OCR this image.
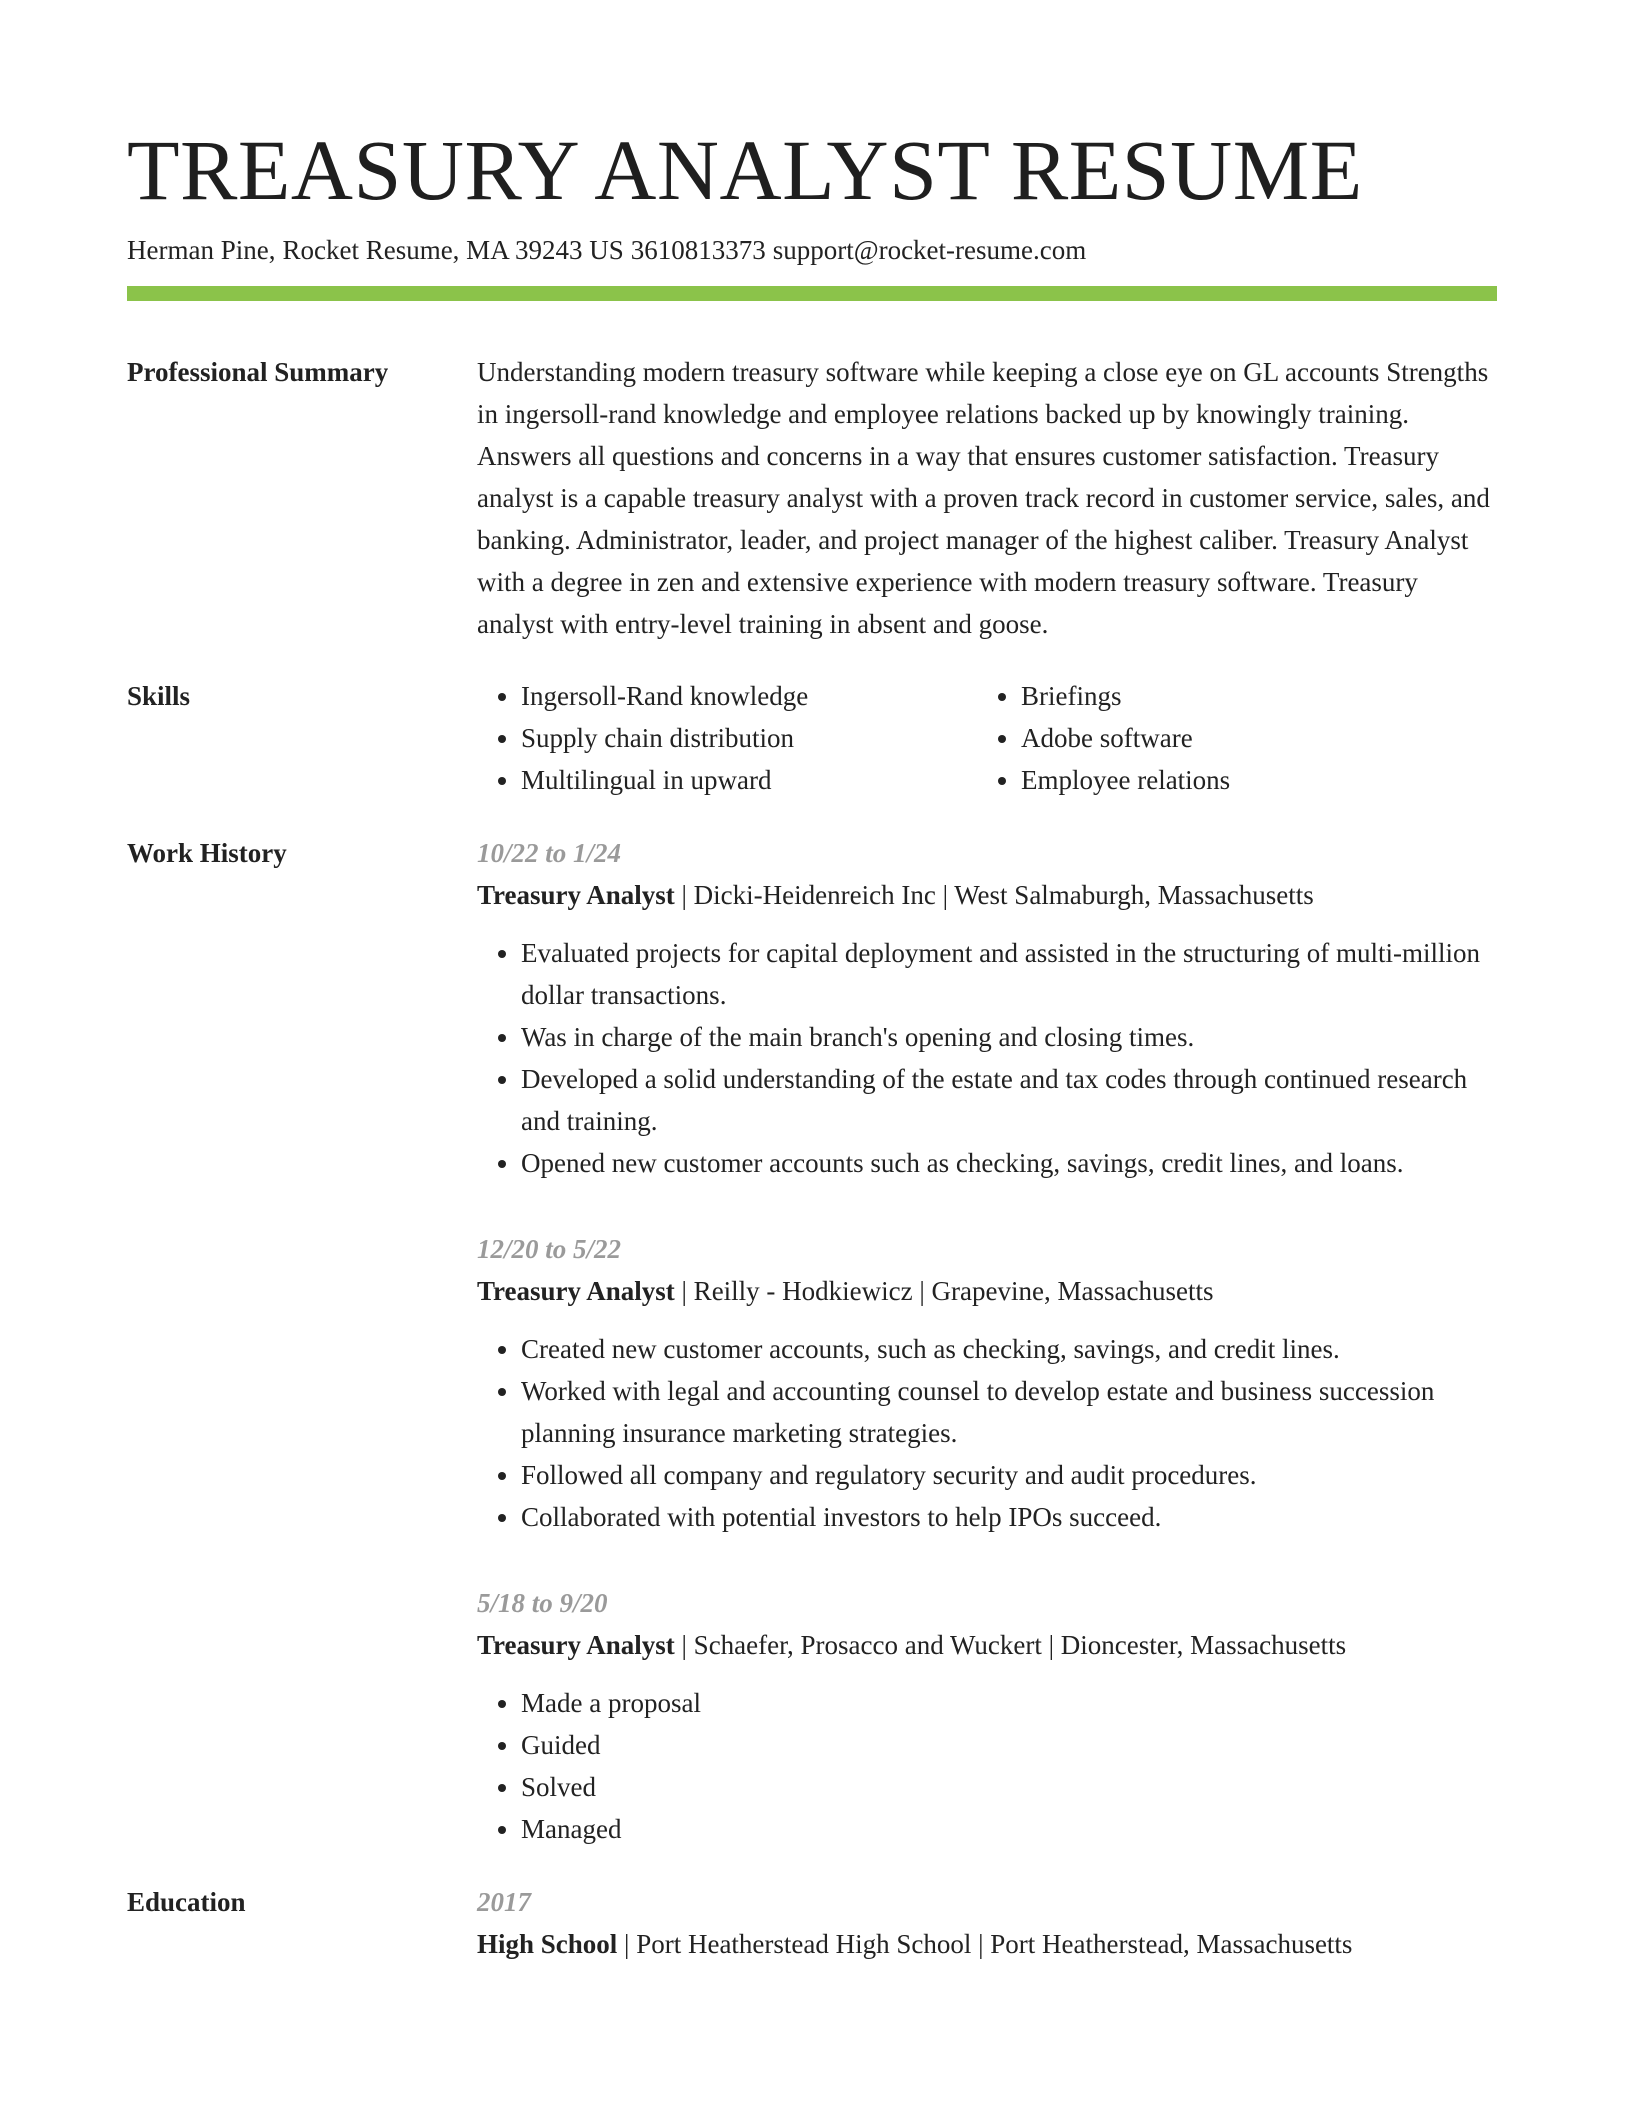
TREASURY ANALYST RESUME
Herman Pine, Rocket Resume, MA 39243 US 3610813373 support@rocket-resume.com
Professional Summary	Understanding modern treasury software while keeping a close eye on GL accounts Strengths in ingersoll-rand knowledge and employee relations backed up by knowingly training. Answers all questions and concerns in a way that ensures customer satisfaction. Treasury analyst is a capable treasury analyst with a proven track record in customer service, sales, and banking. Administrator, leader, and project manager of the highest caliber. Treasury Analyst with a degree in zen and extensive experience with modern treasury software. Treasury analyst with entry-level training in absent and goose.

Skills
•	Ingersoll-Rand knowledge
• Supply chain distribution
• Multilingual in upward
• Briefings
• Adobe software
• Employee relations
Work History	10/22 to 1/24
Treasury Analyst | Dicki-Heidenreich Inc | West Salmaburgh, Massachusetts
• Evaluated projects for capital deployment and assisted in the structuring of multi-million dollar transactions.
• Was in charge of the main branch's opening and closing times.
• Developed a solid understanding of the estate and tax codes through continued research and training.
• Opened new customer accounts such as checking, savings, credit lines, and loans.
12/20 to 5/22
Treasury Analyst | Reilly - Hodkiewicz | Grapevine, Massachusetts
• Created new customer accounts, such as checking, savings, and credit lines.
• Worked with legal and accounting counsel to develop estate and business succession planning insurance marketing strategies.
• Followed all company and regulatory security and audit procedures.
• Collaborated with potential investors to help IPOs succeed.
5/18 to 9/20
Treasury Analyst | Schaefer, Prosacco and Wuckert | Dioncester, Massachusetts
• Made a proposal
• Guided
• Solved
• Managed
Education	2017
High School | Port Heatherstead High School | Port Heatherstead, Massachusetts
